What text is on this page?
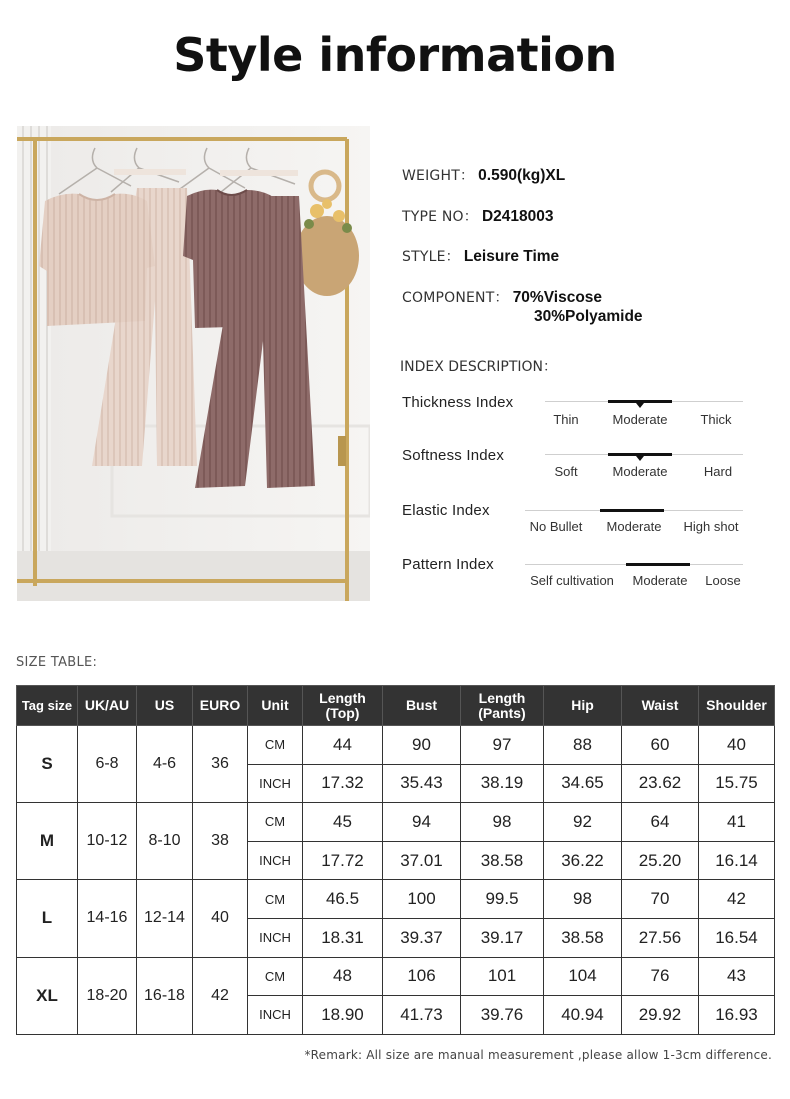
Style information
WEIGHT： 0.590(kg)XL
TYPE NO： D2418003
STYLE： Leisure Time
COMPONENT： 70%Viscose
30%Polyamide
INDEX DESCRIPTION：
Thickness Index
Thin	Moderate	Thick
Softness Index
Soft	Moderate	Hard
Elastic Index
No Bullet	Moderate	High shot
Pattern Index
Self cultivation	Moderate	Loose
SIZE TABLE:
Tag size	UK/AU	US	EURO	Unit	Length (Top)	Bust	Length (Pants)	Hip	Waist	Shoulder
S	6-8	4-6	36	CM	44	90	97	88	60	40
				INCH	17.32	35.43	38.19	34.65	23.62	15.75
M	10-12	8-10	38	CM	45	94	98	92	64	41
				INCH	17.72	37.01	38.58	36.22	25.20	16.14
L	14-16	12-14	40	CM	46.5	100	99.5	98	70	42
				INCH	18.31	39.37	39.17	38.58	27.56	16.54
XL	18-20	16-18	42	CM	48	106	101	104	76	43
				INCH	18.90	41.73	39.76	40.94	29.92	16.93
*Remark: All size are manual measurement ,please allow 1-3cm difference.
